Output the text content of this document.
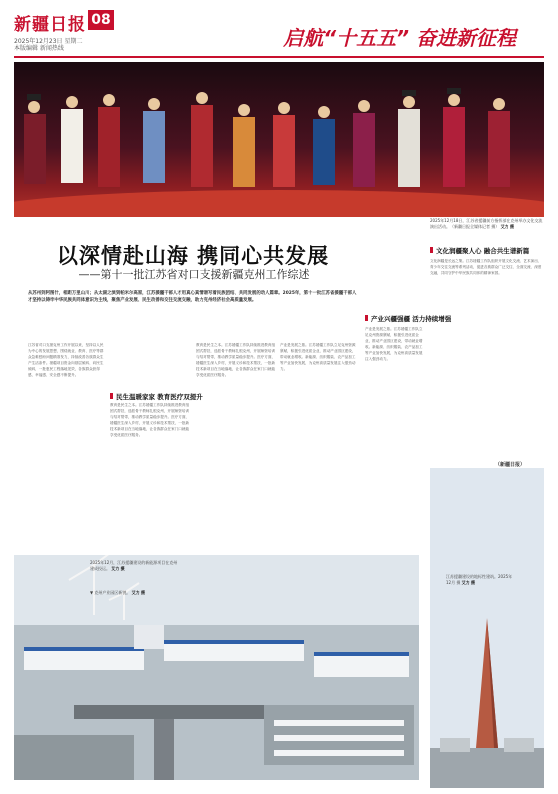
新疆日报 08
2025年12月23日 星期二
本版编辑 新闻热线	启航“十五五” 奋进新征程
2025年12月18日，江苏省援疆前方指挥部在克州举办文化交流演出活动。（新疆日报全媒体记者 摄） 艾力 摄
以深情赴山海 携同心共发展
——第十一批江苏省对口支援新疆克州工作综述
从苏州到阿图什，相距万里山川；从太湖之滨到帕米尔高原，江苏援疆干部人才用真心真情谱写着民族团结、共同发展的动人篇章。2025年，第十一批江苏省援疆干部人才坚持以铸牢中华民族共同体意识为主线，聚焦产业发展、民生改善和交往交流交融，助力克州经济社会高质量发展。
江苏省对口支援克州工作开展以来，坚持以人民为中心的发展思想，围绕就业、教育、医疗等群众急难愁盼问题精准发力，持续改善各族群众生产生活条件。援疆项目资金向基层倾斜、向民生倾斜，一批惠民工程落地见效，各族群众获得感、幸福感、安全感不断提升。
民生温暖家家 教育医疗双提升
教育是民生之本。江苏援疆工作队持续推进教育组团式帮扶，选派骨干教师扎根克州，开展师资培训与结对帮带，推动教学质量稳步提升。医疗方面，援疆医生深入乡村，开展义诊和技术帮扶，一批新技术新项目在当地落地，让各族群众在家门口就能享受优质医疗服务。
教育是民生之本。江苏援疆工作队持续推进教育组团式帮扶，选派骨干教师扎根克州，开展师资培训与结对帮带，推动教学质量稳步提升。医疗方面，援疆医生深入乡村，开展义诊和技术帮扶，一批新技术新项目在当地落地，让各族群众在家门口就能享受优质医疗服务。
产业是发展之基。江苏援疆工作队立足克州资源禀赋，积极引进优质企业，推动产业园区建设，带动就业增收。新能源、纺织服装、农产品加工等产业加快发展，为克州高质量发展注入强劲动力。
产业兴疆强疆 活力持续增强
产业是发展之基。江苏援疆工作队立足克州资源禀赋，积极引进优质企业，推动产业园区建设，带动就业增收。新能源、纺织服装、农产品加工等产业加快发展，为克州高质量发展注入强劲动力。
文化润疆聚人心 融合共生谱新篇
文化润疆是长远之策。江苏援疆工作队组织开展文化交流、艺术演出、青少年交往交流等系列活动，促进各族群众广泛交往、全面交流、深度交融，共同守护中华民族共同体的精神家园。
2025年12月，江苏援疆建设的新能源项目在克州建成投运。 艾力 摄
▼ 克州产业园区新貌。 艾力 摄
江苏援疆建设的地标性建筑。2025年12月 摄 艾力 摄
（新疆日报）
